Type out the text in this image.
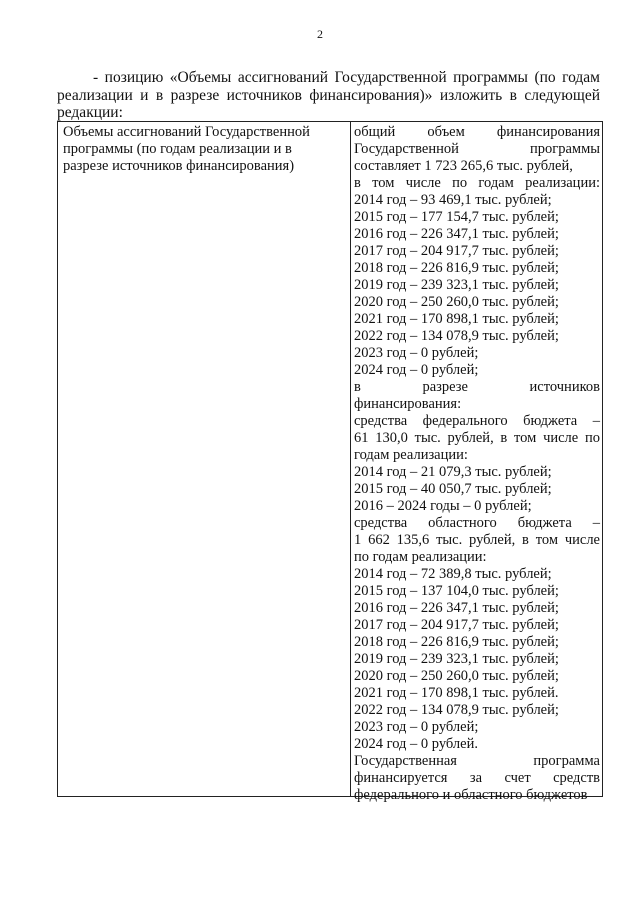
2

- позицию «Объемы ассигнований Государственной программы (по годам реализации и в разрезе источников финансирования)» изложить в следующей редакции:

Объемы ассигнований Государственной
программы (по годам реализации и в
разрезе источников финансирования)
общий объем финансирования
Государственной программы
составляет 1 723 265,6 тыс. рублей,
в том числе по годам реализации:
2014 год – 93 469,1 тыс. рублей;
2015 год – 177 154,7 тыс. рублей;
2016 год – 226 347,1 тыс. рублей;
2017 год – 204 917,7 тыс. рублей;
2018 год – 226 816,9 тыс. рублей;
2019 год – 239 323,1 тыс. рублей;
2020 год – 250 260,0 тыс. рублей;
2021 год – 170 898,1 тыс. рублей;
2022 год – 134 078,9 тыс. рублей;
2023 год – 0 рублей;
2024 год – 0 рублей;
в разрезе источников
финансирования:
средства федерального бюджета –
61 130,0 тыс. рублей, в том числе по
годам реализации:
2014 год – 21 079,3 тыс. рублей;
2015 год – 40 050,7 тыс. рублей;
2016 – 2024 годы – 0 рублей;
средства областного бюджета –
1 662 135,6 тыс. рублей, в том числе
по годам реализации:
2014 год – 72 389,8 тыс. рублей;
2015 год – 137 104,0 тыс. рублей;
2016 год – 226 347,1 тыс. рублей;
2017 год – 204 917,7 тыс. рублей;
2018 год – 226 816,9 тыс. рублей;
2019 год – 239 323,1 тыс. рублей;
2020 год – 250 260,0 тыс. рублей;
2021 год – 170 898,1 тыс. рублей.
2022 год – 134 078,9 тыс. рублей;
2023 год – 0 рублей;
2024 год – 0 рублей.
Государственная программа
финансируется за счет средств
федерального и областного бюджетов
